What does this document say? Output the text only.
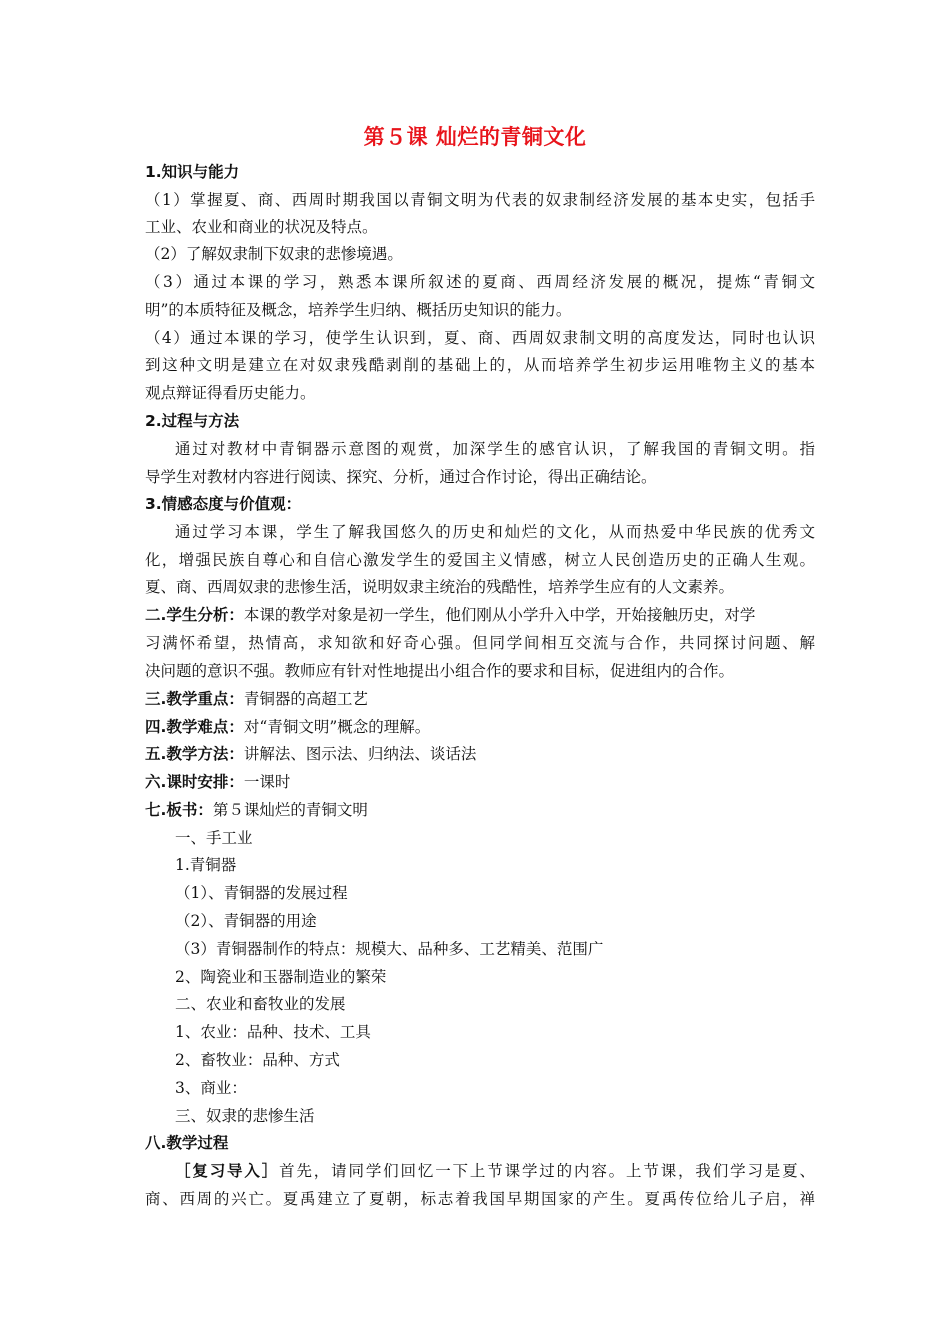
第５课 灿烂的青铜文化
1.知识与能力
（1）掌握夏、商、西周时期我国以青铜文明为代表的奴隶制经济发展的基本史实，包括手
工业、农业和商业的状况及特点。
（2）了解奴隶制下奴隶的悲惨境遇。
（3）通过本课的学习，熟悉本课所叙述的夏商、西周经济发展的概况，提炼“青铜文
明”的本质特征及概念，培养学生归纳、概括历史知识的能力。
（4）通过本课的学习，使学生认识到，夏、商、西周奴隶制文明的高度发达，同时也认识
到这种文明是建立在对奴隶残酷剥削的基础上的，从而培养学生初步运用唯物主义的基本
观点辩证得看历史能力。
2.过程与方法
通过对教材中青铜器示意图的观赏，加深学生的感官认识，了解我国的青铜文明。指
导学生对教材内容进行阅读、探究、分析，通过合作讨论，得出正确结论。
3.情感态度与价值观：
通过学习本课，学生了解我国悠久的历史和灿烂的文化，从而热爱中华民族的优秀文
化，增强民族自尊心和自信心激发学生的爱国主义情感，树立人民创造历史的正确人生观。
夏、商、西周奴隶的悲惨生活，说明奴隶主统治的残酷性，培养学生应有的人文素养。
二.学生分析：本课的教学对象是初一学生，他们刚从小学升入中学，开始接触历史，对学
习满怀希望，热情高，求知欲和好奇心强。但同学间相互交流与合作，共同探讨问题、解
决问题的意识不强。教师应有针对性地提出小组合作的要求和目标，促进组内的合作。
三.教学重点：青铜器的高超工艺
四.教学难点：对“青铜文明”概念的理解。
五.教学方法：讲解法、图示法、归纳法、谈话法
六.课时安排：一课时
七.板书：第５课灿烂的青铜文明
一、手工业
1.青铜器
（1）、青铜器的发展过程
（2）、青铜器的用途
（3）青铜器制作的特点：规模大、品种多、工艺精美、范围广
2、陶瓷业和玉器制造业的繁荣
二、农业和畜牧业的发展
1、农业：品种、技术、工具
2、畜牧业：品种、方式
3、商业：
三、奴隶的悲惨生活
八.教学过程
［复习导入］首先，请同学们回忆一下上节课学过的内容。上节课，我们学习是夏、
商、西周的兴亡。夏禹建立了夏朝，标志着我国早期国家的产生。夏禹传位给儿子启，禅
